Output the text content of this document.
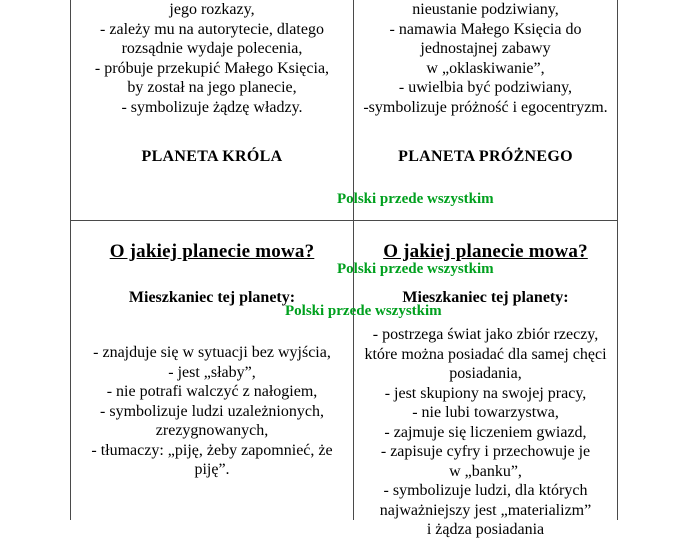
jego rozkazy,
- zależy mu na autorytecie, dlatego
rozsądnie wydaje polecenia,
- próbuje przekupić Małego Księcia,
by został na jego planecie,
- symbolizuje żądzę władzy.
PLANETA KRÓLA
nieustanie podziwiany,
- namawia Małego Księcia do
jednostajnej zabawy
w „oklaskiwanie”,
- uwielbia być podziwiany,
-symbolizuje próżność i egocentryzm.
PLANETA PRÓŻNEGO
O jakiej planecie mowa?
Mieszkaniec tej planety:
- znajduje się w sytuacji bez wyjścia,
- jest „słaby”,
- nie potrafi walczyć z nałogiem,
- symbolizuje ludzi uzależnionych,
zrezygnowanych,
- tłumaczy: „piję, żeby zapomnieć, że
piję”.
O jakiej planecie mowa?
Mieszkaniec tej planety:
- postrzega świat jako zbiór rzeczy,
które można posiadać dla samej chęci
posiadania,
- jest skupiony na swojej pracy,
- nie lubi towarzystwa,
- zajmuje się liczeniem gwiazd,
- zapisuje cyfry i przechowuje je
w „banku”,
- symbolizuje ludzi, dla których
najważniejszy jest „materializm”
i żądza posiadania
Polski przede wszystkim
Polski przede wszystkim
Polski przede wszystkim
